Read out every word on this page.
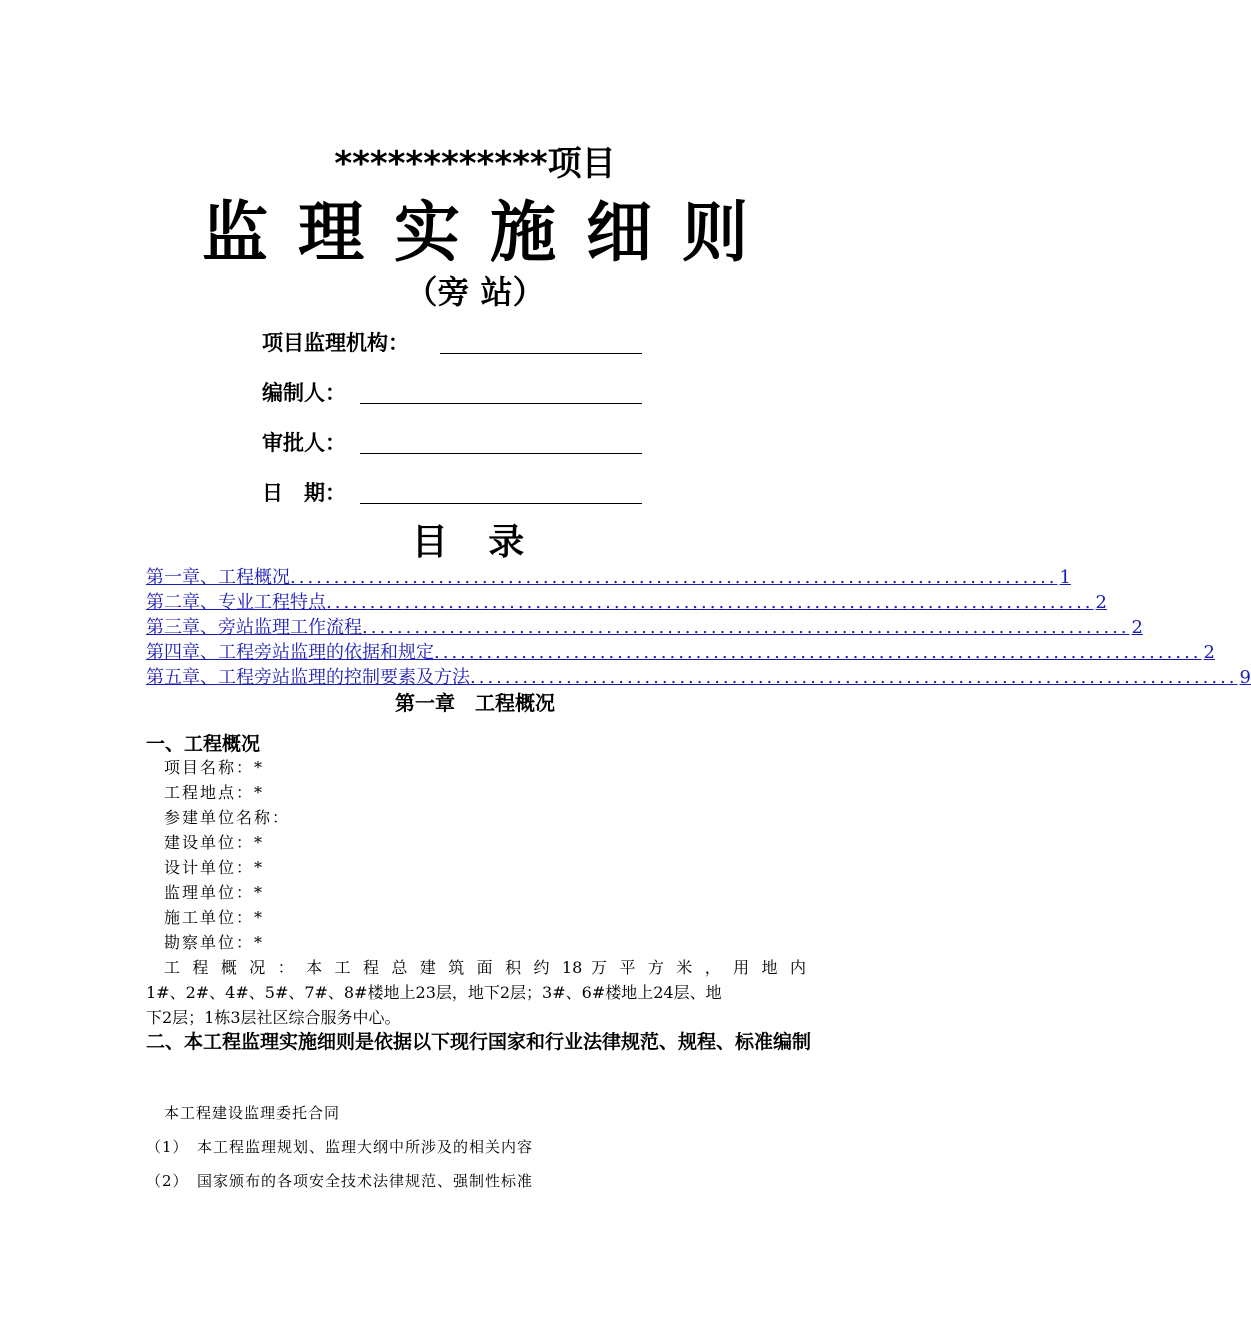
************项目
监理实施细则
（旁 站）
项目监理机构：
编制人：
审批人：
日　期：
目 录
第一章、工程概况 ........................................................................................ 1
第二章、专业工程特点 ........................................................................................ 2
第三章、旁站监理工作流程 ........................................................................................ 2
第四章、工程旁站监理的依据和规定 ........................................................................................ 2
第五章、工程旁站监理的控制要素及方法 ........................................................................................ 9
第一章　工程概况
一、工程概况
项目名称：*
工程地点：*
参建单位名称：
建设单位：*
设计单位：*
监理单位：*
施工单位：*
勘察单位：*
工 程 概 况 ： 本 工 程 总 建 筑 面 积 约 18 万 平 方 米 ， 用 地 内
1#、2#、4#、5#、7#、8#楼地上23层，地下2层；3#、6#楼地上24层、地
下2层；1栋3层社区综合服务中心。
二、本工程监理实施细则是依据以下现行国家和行业法律规范、规程、标准编制
本工程建设监理委托合同
（1）　本工程监理规划、监理大纲中所涉及的相关内容
（2）　国家颁布的各项安全技术法律规范、强制性标准
